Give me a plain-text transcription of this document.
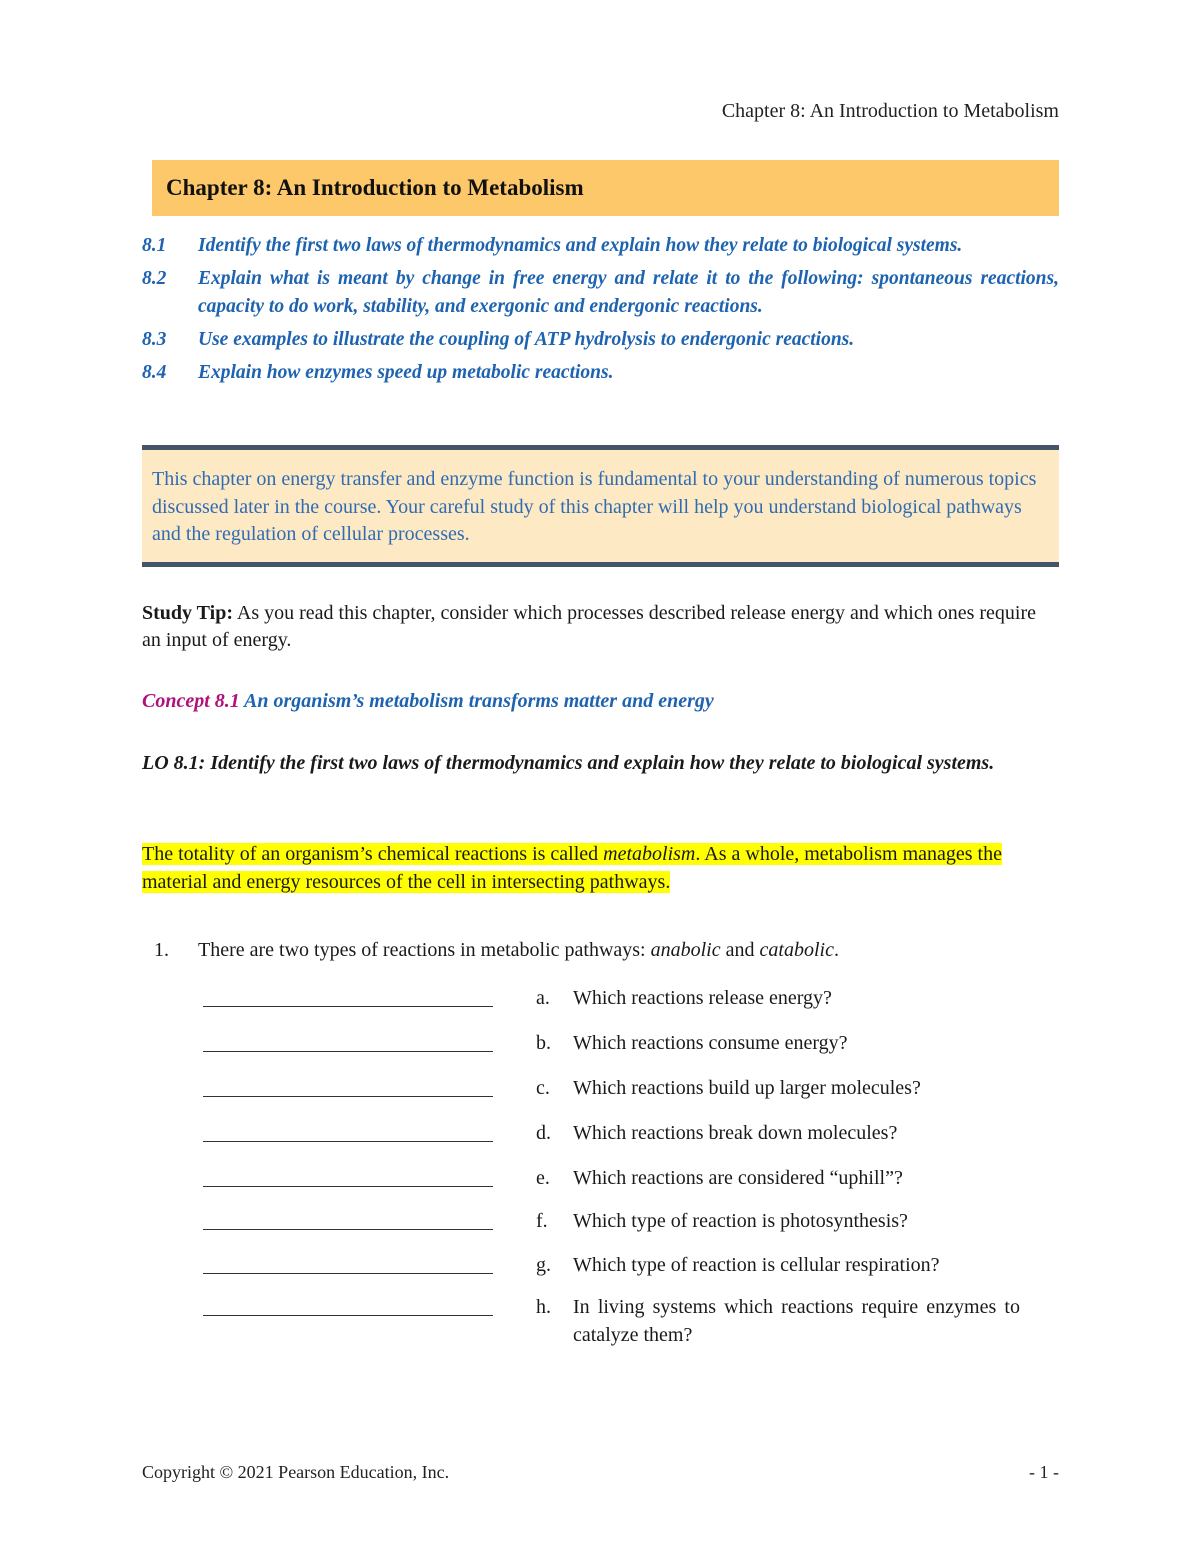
Chapter 8: An Introduction to Metabolism
Chapter 8: An Introduction to Metabolism
8.1	Identify the first two laws of thermodynamics and explain how they relate to biological systems.
8.2	Explain what is meant by change in free energy and relate it to the following: spontaneous reactions, capacity to do work, stability, and exergonic and endergonic reactions.
8.3	Use examples to illustrate the coupling of ATP hydrolysis to endergonic reactions.
8.4	Explain how enzymes speed up metabolic reactions.

This chapter on energy transfer and enzyme function is fundamental to your understanding of numerous topics discussed later in the course. Your careful study of this chapter will help you understand biological pathways and the regulation of cellular processes.

Study Tip: As you read this chapter, consider which processes described release energy and which ones require an input of energy.

Concept 8.1 An organism’s metabolism transforms matter and energy

LO 8.1: Identify the first two laws of thermodynamics and explain how they relate to biological systems.

The totality of an organism’s chemical reactions is called metabolism. As a whole, metabolism manages the material and energy resources of the cell in intersecting pathways.

1.	There are two types of reactions in metabolic pathways: anabolic and catabolic.
a. Which reactions release energy?
b. Which reactions consume energy?
c. Which reactions build up larger molecules?
d. Which reactions break down molecules?
e. Which reactions are considered “uphill”?
f. Which type of reaction is photosynthesis?
g. Which type of reaction is cellular respiration?
h. In living systems which reactions require enzymes to catalyze them?
Copyright © 2021 Pearson Education, Inc.	- 1 -
